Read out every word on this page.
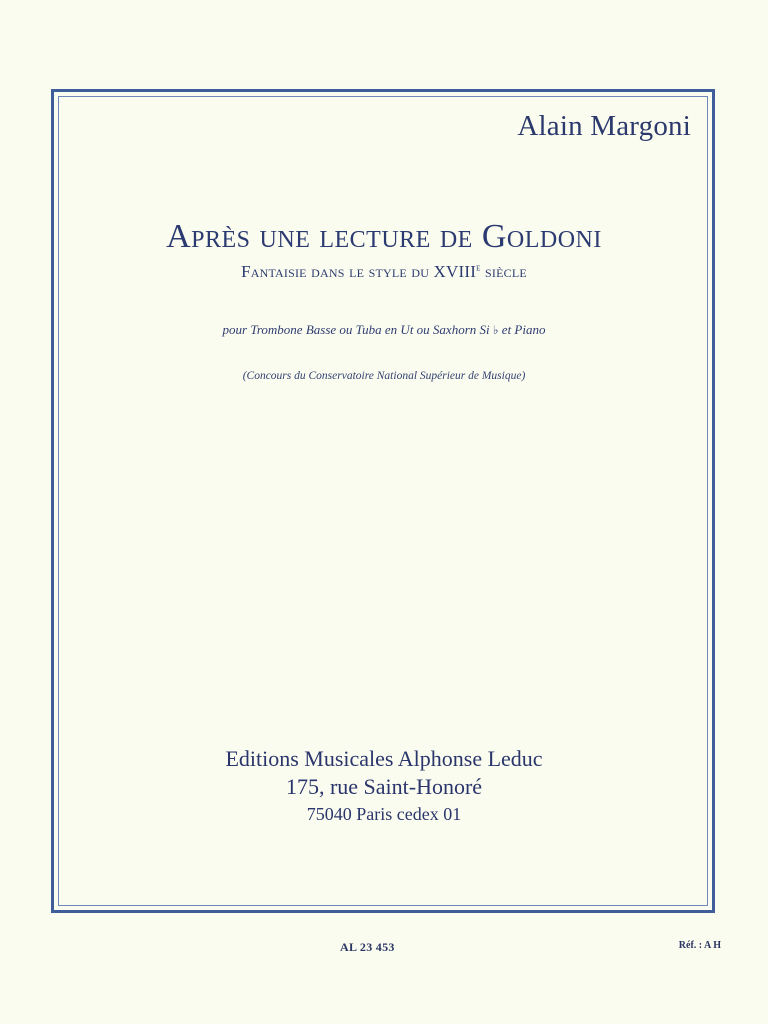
Alain Margoni
Après une lecture de Goldoni
Fantaisie dans le style du XVIIIe siècle
pour Trombone Basse ou Tuba en Ut ou Saxhorn Si ♭ et Piano
(Concours du Conservatoire National Supérieur de Musique)
Editions Musicales Alphonse Leduc
175, rue Saint-Honoré
75040 Paris cedex 01
AL 23 453	Réf. : A H
